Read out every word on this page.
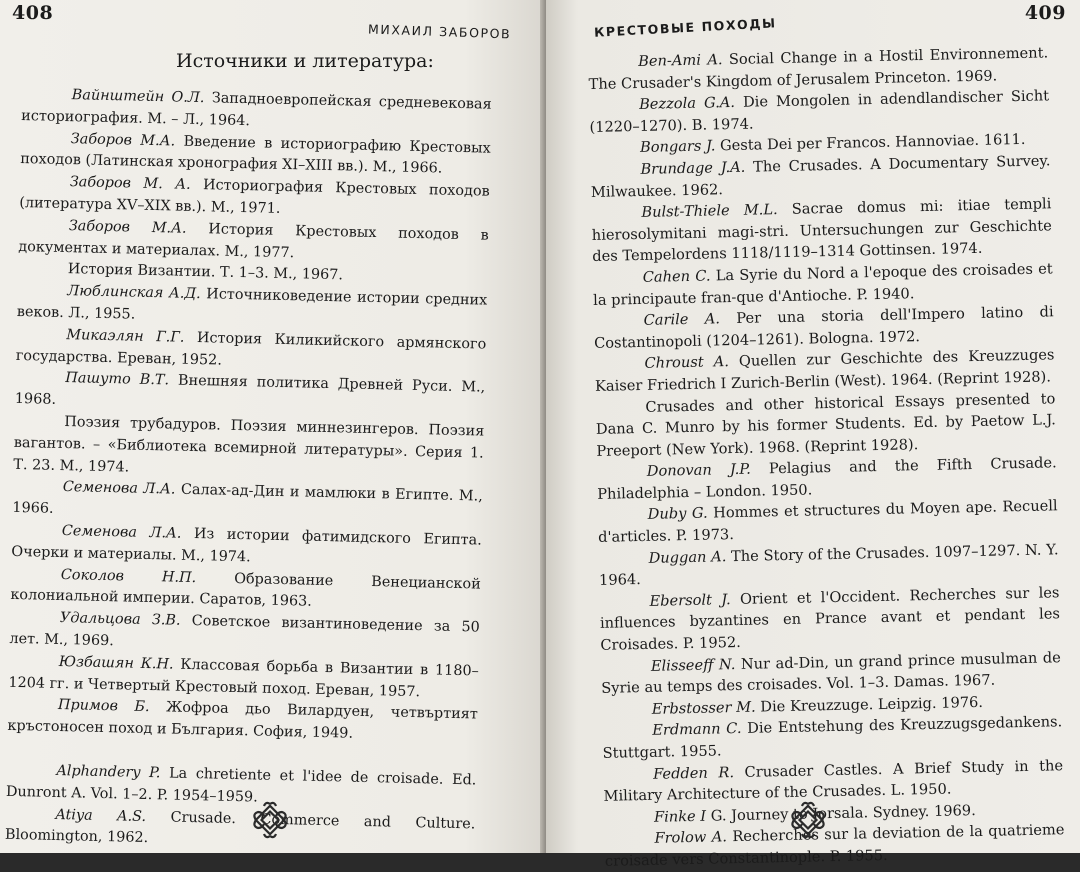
408
МИХАИЛ ЗАБОРОВ
Источники и литература:

Вайнштейн О.Л. Западноевропейская средневековая историография. М. – Л., 1964.

Заборов М.А. Введение в историографию Крестовых походов (Латинская хронография XI–XIII вв.). М., 1966.

Заборов М. А. Историография Крестовых походов (литература XV–XIX вв.). М., 1971.

Заборов М.А. История Крестовых походов в документах и материалах. М., 1977.

История Византии. Т. 1–3. М., 1967.

Люблинская А.Д. Источниковедение истории средних веков. Л., 1955.

Микаэлян Г.Г. История Киликийского армянского государства. Ереван, 1952.

Пашуто В.Т. Внешняя политика Древней Руси. М., 1968.

Поэзия трубадуров. Поэзия миннезингеров. Поэзия вагантов. – «Библиотека всемирной литературы». Серия 1. Т. 23. М., 1974.

Семенова Л.А. Салах-ад-Дин и мамлюки в Египте. М., 1966.

Семенова Л.А. Из истории фатимидского Египта. Очерки и материалы. М., 1974.

Соколов Н.П. Образование Венецианской колониальной империи. Саратов, 1963.

Удальцова З.В. Советское византиноведение за 50 лет. М., 1969.

Юзбашян К.Н. Классовая борьба в Византии в 1180–1204 гг. и Четвертый Крестовый поход. Ереван, 1957.

Примов Б. Жофроа дьо Вилардуен, четвъртият кръстоносен поход и България. София, 1949.

Alphandery P. La chretiente et l'idee de croisade. Ed. Dunront A. Vol. 1–2. P. 1954–1959.

Atiya A.S. Crusade. Commerce and Culture. Bloomington, 1962.

409
КРЕСТОВЫЕ ПОХОДЫ

Ben-Ami A. Social Change in a Hostil Environnement. The Crusader's Kingdom of Jerusalem Princeton. 1969.

Bezzola G.A. Die Mongolen in adendlandischer Sicht (1220–1270). B. 1974.

Bongars J. Gesta Dei per Francos. Hannoviae. 1611.

Brundage J.A. The Crusades. A Documentary Survey. Milwaukee. 1962.

Bulst-Thiele M.L. Sacrae domus mi: itiae templi hierosolymitani magi-stri. Untersuchungen zur Geschichte des Tempelordens 1118/1119–1314 Gottinsen. 1974.

Cahen C. La Syrie du Nord a l'epoque des croisades et la principaute fran-que d'Antioche. P. 1940.

Carile A. Per una storia dell'Impero latino di Costantinopoli (1204–1261). Bologna. 1972.

Chroust A. Quellen zur Geschichte des Kreuzzuges Kaiser Friedrich I Zurich-Berlin (West). 1964. (Reprint 1928).

Crusades and other historical Essays presented to Dana C. Munro by his former Students. Ed. by Paetow L.J. Preeport (New York). 1968. (Reprint 1928).

Donovan J.P. Pelagius and the Fifth Crusade. Philadelphia – London. 1950.

Duby G. Hommes et structures du Moyen ape. Recuell d'articles. P. 1973.

Duggan A. The Story of the Crusades. 1097–1297. N. Y. 1964.

Ebersolt J. Orient et l'Occident. Recherches sur les influences byzantines en Prance avant et pendant les Croisades. P. 1952.

Elisseeff N. Nur ad-Din, un grand prince musulman de Syrie au temps des croisades. Vol. 1–3. Damas. 1967.

Erbstosser M. Die Kreuzzuge. Leipzig. 1976.

Erdmann C. Die Entstehung des Kreuzzugsgedankens. Stuttgart. 1955.

Fedden R. Crusader Castles. A Brief Study in the Military Architecture of the Crusades. L. 1950.

Finke I G. Journey to Jorsala. Sydney. 1969.

Frolow A. Recherches sur la deviation de la quatrieme croisade vers Constantinople. P. 1955.
